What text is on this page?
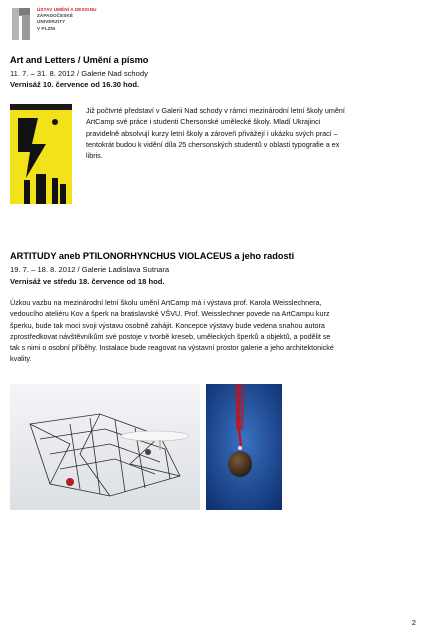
ÚSTAV UMĚNÍ A DESIGNU
ZÁPADOČESKÉ
UNIVERZITY
V PLZNI
Art and Letters / Umění a písmo
11. 7. – 31. 8. 2012 / Galerie Nad schody
Vernisáž 10. července od 16.30 hod.
Již počtvrté představí v Galerii Nad schody v rámci mezinárodní letní školy umění
ArtCamp své práce i studenti Chersonské umělecké školy. Mladí Ukrajinci
pravidelně absolvují kurzy letní školy a zároveň přivážejí i ukázku svých prací –
tentokrát budou k vidění díla 25 chersonských studentů v oblasti typografie a ex
libris.
ARTITUDY aneb PTILONORHYNCHUS VIOLACEUS a jeho radosti
19. 7. – 18. 8. 2012 / Galerie Ladislava Sutnara
Vernisáž ve středu 18. července od 18 hod.
Úzkou vazbu na mezinárodní letní školu umění ArtCamp má i výstava prof. Karola Weisslechnera,
vedoucího ateliéru Kov a šperk na bratislavské VŠVU. Prof. Weisslechner povede na ArtCampu kurz
šperku, bude tak moci svoji výstavu osobně zahájit. Koncepce výstavy bude vedena snahou autora
zprostředkovat návštěvníkům své postoje v tvorbě kreseb, uměleckých šperků a objektů, a podělit se
tak s nimi o osobní příběhy. Instalace bude reagovat na výstavní prostor galerie a jeho architektonické
kvality.
2
